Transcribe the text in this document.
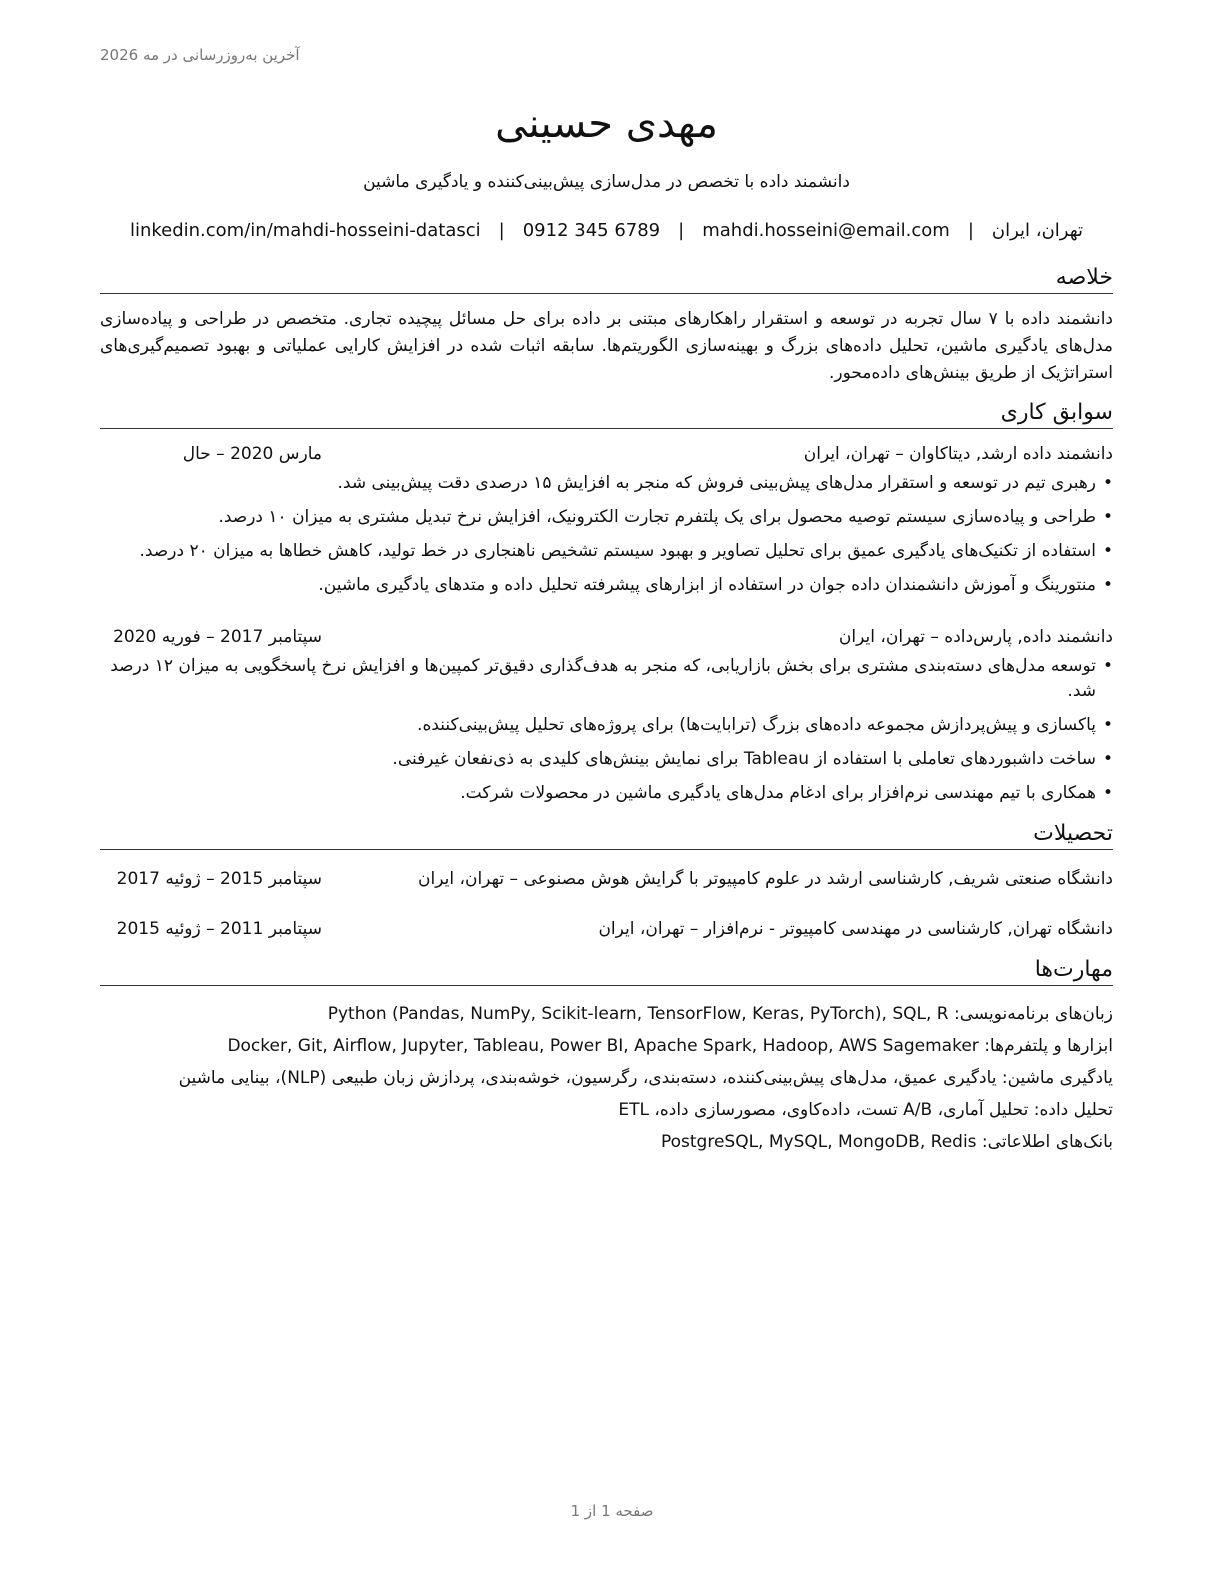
آخرین به‌روزرسانی در مه 2026
مهدی حسینی
دانشمند داده با تخصص در مدل‌سازی پیش‌بینی‌کننده و یادگیری ماشین
تهران، ایران
|
mahdi.hosseini@email.com
|
0912 345 6789
|
linkedin.com/in/mahdi-hosseini-datasci
خلاصه
دانشمند داده با ۷ سال تجربه در توسعه و استقرار راهکارهای مبتنی بر داده برای حل مسائل پیچیده تجاری. متخصص در طراحی و پیاده‌سازی مدل‌های یادگیری ماشین، تحلیل داده‌های بزرگ و بهینه‌سازی الگوریتم‌ها. سابقه اثبات شده در افزایش کارایی عملیاتی و بهبود تصمیم‌گیری‌های استراتژیک از طریق بینش‌های داده‌محور.
سوابق کاری
دانشمند داده ارشد, دیتاکاوان – تهران، ایران
مارس 2020 – حال
• رهبری تیم در توسعه و استقرار مدل‌های پیش‌بینی فروش که منجر به افزایش ۱۵ درصدی دقت پیش‌بینی شد.
• طراحی و پیاده‌سازی سیستم توصیه محصول برای یک پلتفرم تجارت الکترونیک، افزایش نرخ تبدیل مشتری به میزان ۱۰ درصد.
• استفاده از تکنیک‌های یادگیری عمیق برای تحلیل تصاویر و بهبود سیستم تشخیص ناهنجاری در خط تولید، کاهش خطاها به میزان ۲۰ درصد.
• منتورینگ و آموزش دانشمندان داده جوان در استفاده از ابزارهای پیشرفته تحلیل داده و متدهای یادگیری ماشین.
دانشمند داده, پارس‌داده – تهران، ایران
سپتامبر 2017 – فوریه 2020
• توسعه مدل‌های دسته‌بندی مشتری برای بخش بازاریابی، که منجر به هدف‌گذاری دقیق‌تر کمپین‌ها و افزایش نرخ پاسخگویی به میزان ۱۲ درصد شد.
• پاکسازی و پیش‌پردازش مجموعه داده‌های بزرگ (ترابایت‌ها) برای پروژه‌های تحلیل پیش‌بینی‌کننده.
• ساخت داشبوردهای تعاملی با استفاده از Tableau برای نمایش بینش‌های کلیدی به ذی‌نفعان غیرفنی.
• همکاری با تیم مهندسی نرم‌افزار برای ادغام مدل‌های یادگیری ماشین در محصولات شرکت.
تحصیلات
دانشگاه صنعتی شریف, کارشناسی ارشد در علوم کامپیوتر با گرایش هوش مصنوعی – تهران، ایران
سپتامبر 2015 – ژوئیه 2017
دانشگاه تهران, کارشناسی در مهندسی کامپیوتر - نرم‌افزار – تهران، ایران
سپتامبر 2011 – ژوئیه 2015
مهارت‌ها
زبان‌های برنامه‌نویسی: Python (Pandas, NumPy, Scikit-learn, TensorFlow, Keras, PyTorch), SQL, R
ابزارها و پلتفرم‌ها: Docker, Git, Airflow, Jupyter, Tableau, Power BI, Apache Spark, Hadoop, AWS Sagemaker
یادگیری ماشین: یادگیری عمیق، مدل‌های پیش‌بینی‌کننده، دسته‌بندی، رگرسیون، خوشه‌بندی، پردازش زبان طبیعی (NLP)، بینایی ماشین
تحلیل داده: تحلیل آماری، A/B تست، داده‌کاوی، مصورسازی داده، ETL
بانک‌های اطلاعاتی: PostgreSQL, MySQL, MongoDB, Redis
صفحه 1 از 1
